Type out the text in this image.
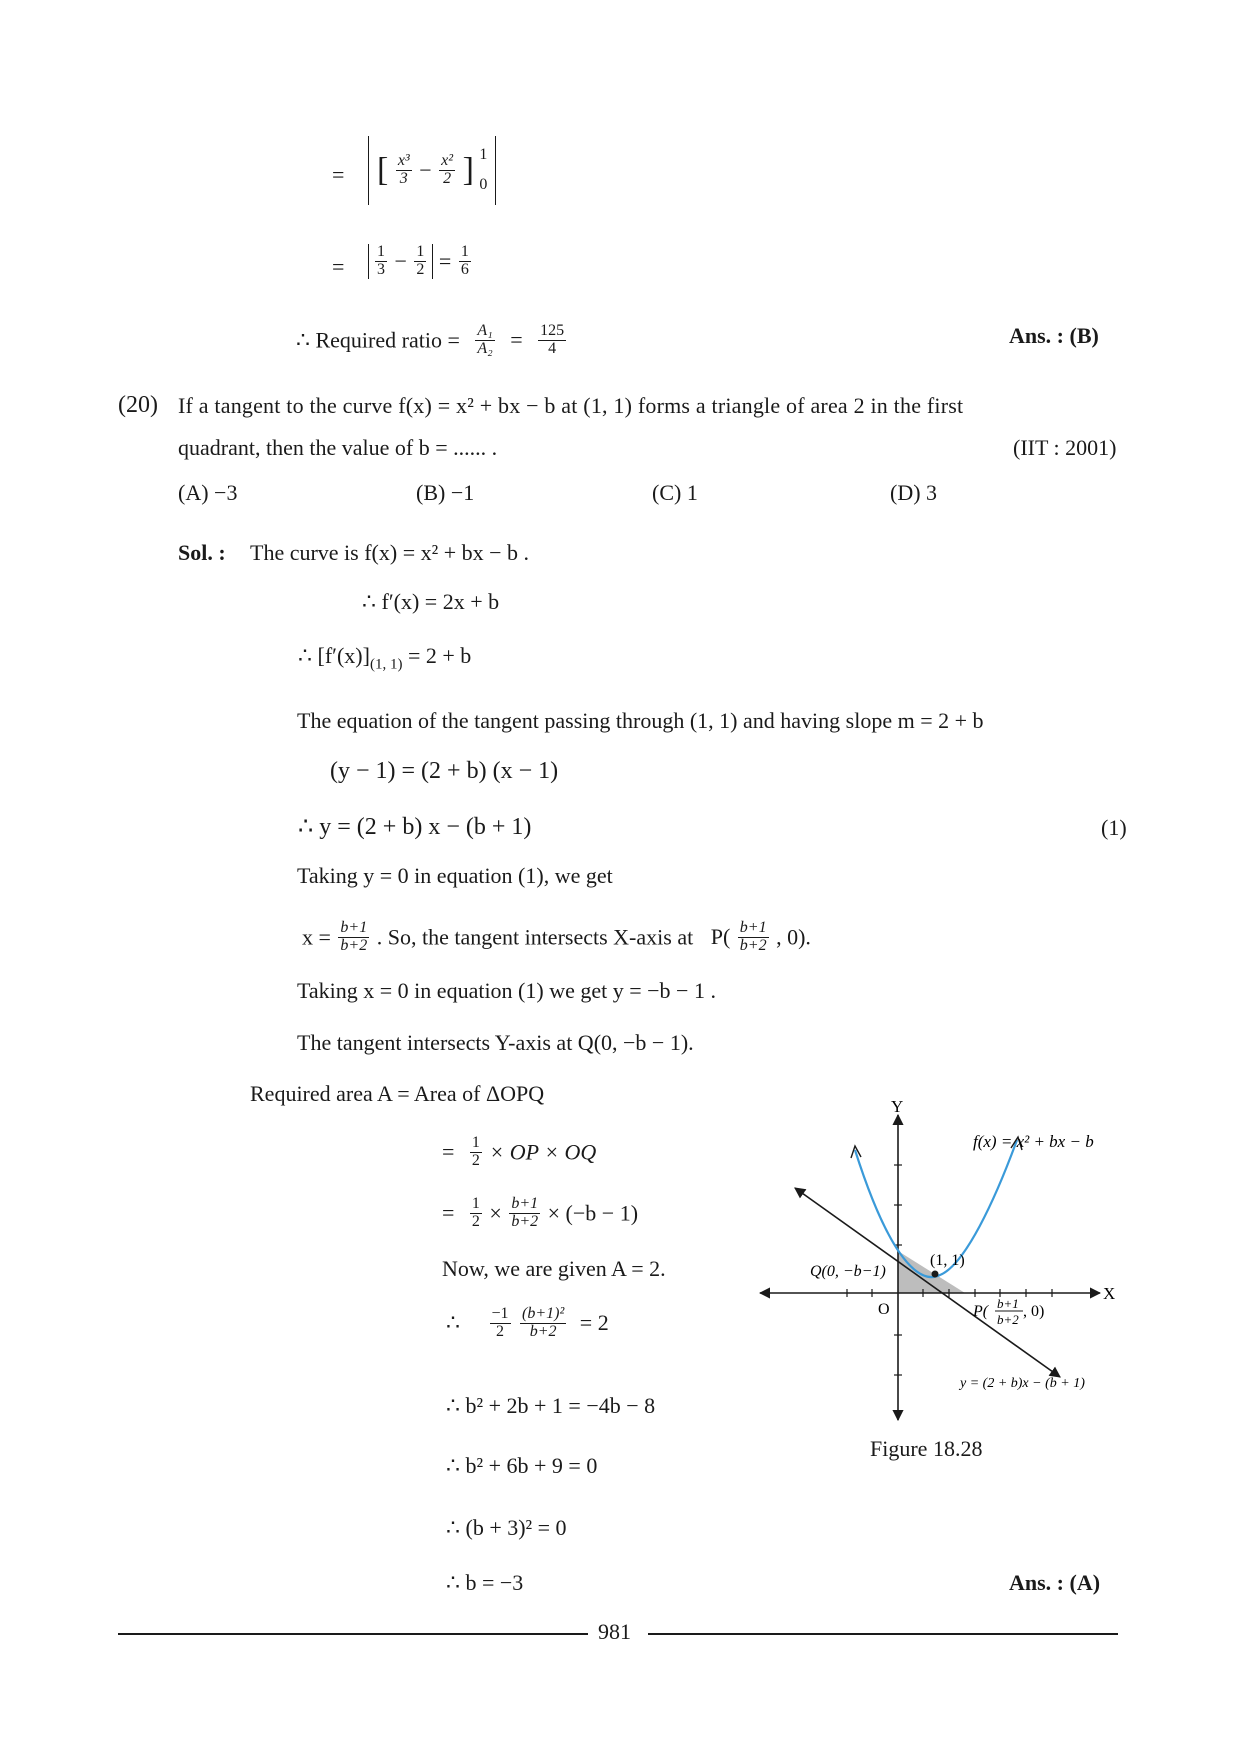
= [ $\frac{\text{x³}}{3} - \frac{\text{x²}}{2}$ ] 1
0
= $\frac{1}{3} - \frac{1}{2} = \frac{1}{6}$
∴ Required ratio = $\frac{\text{A₁}}{\text{A₂}} = \frac{125}{4}$	Ans. : (B)
(20) If a tangent to the curve f(x) = x² + bx − b at (1, 1) forms a triangle of area 2 in the first
quadrant, then the value of b = ...... .	(IIT : 2001)
(A) −3	(B) −1	(C) 1	(D) 3
Sol. : The curve is f(x) = x² + bx − b .
∴ f′(x) = 2x + b
∴ $[f'(x)]_{(1, 1)} = 2 + b$
The equation of the tangent passing through (1, 1) and having slope m = 2 + b
(y − 1) = (2 + b) (x − 1)
∴ y = (2 + b) x − (b + 1)	(1)
Taking y = 0 in equation (1), we get
$x = \frac{b+1}{b+2}$ . So, the tangent intersects X-axis at $P( \frac{b+1}{b+2}$ , 0).
Taking x = 0 in equation (1) we get y = −b − 1 .
The tangent intersects Y-axis at Q(0, −b − 1).
Required area A = Area of ΔOPQ
= $\frac{1}{2}$ × OP × OQ
= $\frac{1}{2} \times \frac{b+1}{b+2} \times (-b - 1)$
Now, we are given A = 2.
∴ $\frac{-1}{2}$
$\frac{\text{(b+1)²}}{b+2} = 2$
∴ b² + 2b + 1 = −4b − 8
∴ b² + 6b + 9 = 0
∴ (b + 3)² = 0
∴ b = −3	Ans. : (A)
Y
X
O
f(x) = x² + bx − b
(1, 1)
Q(0, −b−1)
P( b+1
b+2 , 0)
y = (2 + b)x − (b + 1)
Figure 18.28
981
